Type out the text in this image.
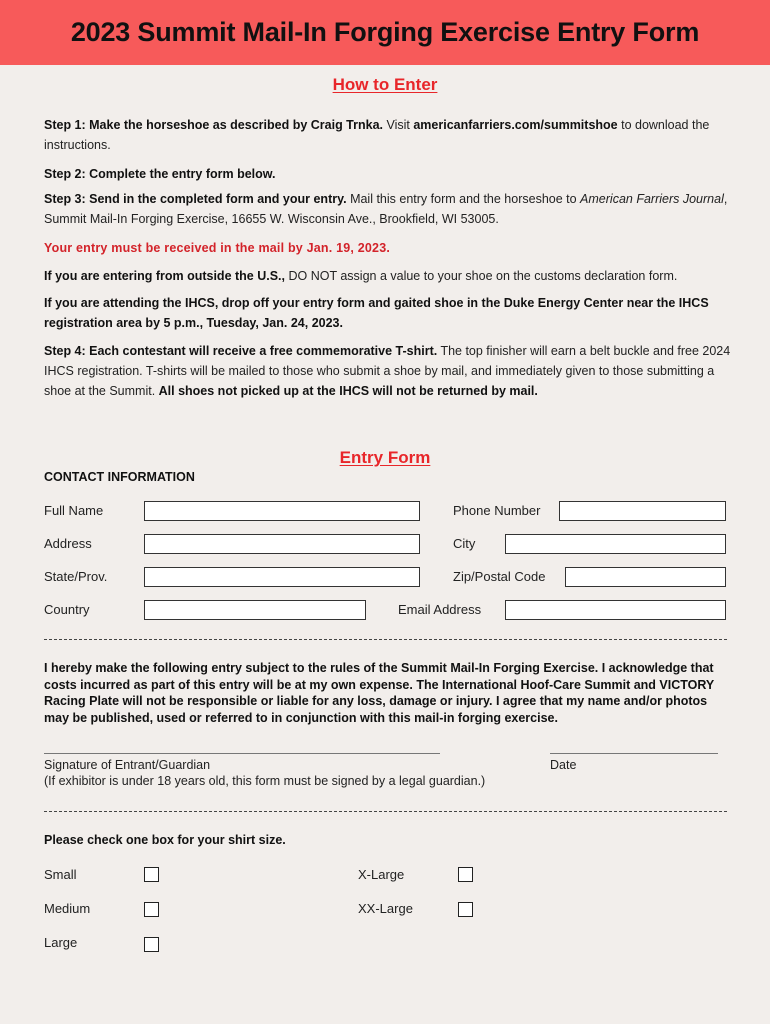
2023 Summit Mail-In Forging Exercise Entry Form
How to Enter
Step 1: Make the horseshoe as described by Craig Trnka. Visit americanfarriers.com/summitshoe to download the instructions.
Step 2: Complete the entry form below.
Step 3: Send in the completed form and your entry. Mail this entry form and the horseshoe to American Farriers Journal, Summit Mail-In Forging Exercise, 16655 W. Wisconsin Ave., Brookfield, WI 53005.
Your entry must be received in the mail by Jan. 19, 2023.
If you are entering from outside the U.S., DO NOT assign a value to your shoe on the customs declaration form.
If you are attending the IHCS, drop off your entry form and gaited shoe in the Duke Energy Center near the IHCS registration area by 5 p.m., Tuesday, Jan. 24, 2023.
Step 4: Each contestant will receive a free commemorative T-shirt. The top finisher will earn a belt buckle and free 2024 IHCS registration. T-shirts will be mailed to those who submit a shoe by mail, and immediately given to those submitting a shoe at the Summit. All shoes not picked up at the IHCS will not be returned by mail.
Entry Form
CONTACT INFORMATION
Full Name	Phone Number
Address	City
State/Prov.	Zip/Postal Code
Country	Email Address
I hereby make the following entry subject to the rules of the Summit Mail-In Forging Exercise. I acknowledge that costs incurred as part of this entry will be at my own expense. The International Hoof-Care Summit and VICTORY Racing Plate will not be responsible or liable for any loss, damage or injury. I agree that my name and/or photos may be published, used or referred to in conjunction with this mail-in forging exercise.
Signature of Entrant/Guardian	Date
(If exhibitor is under 18 years old, this form must be signed by a legal guardian.)
Please check one box for your shirt size.
Small	X-Large
Medium	XX-Large
Large
